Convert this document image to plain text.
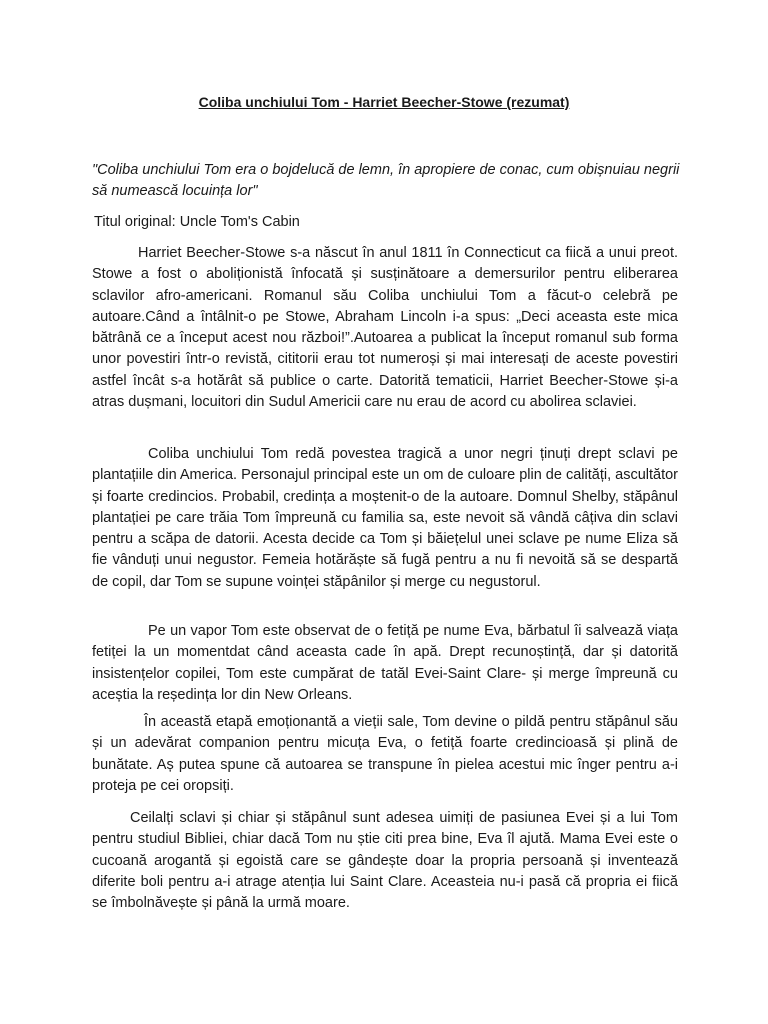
Coliba unchiului Tom - Harriet Beecher-Stowe (rezumat)
"Coliba unchiului Tom era o bojdelucă de lemn, în apropiere de conac, cum obișnuiau negrii să numească locuința lor"
Titul original: Uncle Tom's Cabin

Harriet Beecher-Stowe s-a născut în anul 1811 în Connecticut ca fiică a unui preot. Stowe a fost o aboliționistă înfocată și susținătoare a demersurilor pentru eliberarea sclavilor afro-americani. Romanul său Coliba unchiului Tom a făcut-o celebră pe autoare.Când a întâlnit-o pe Stowe, Abraham Lincoln i-a spus: „Deci aceasta este mica bătrână ce a început acest nou război!”.Autoarea a publicat la început romanul sub forma unor povestiri într-o revistă, cititorii erau tot numeroși și mai interesați de aceste povestiri astfel încât s-a hotărât să publice o carte. Datorită tematicii, Harriet Beecher-Stowe și-a atras dușmani, locuitori din Sudul Americii care nu erau de acord cu abolirea sclaviei.

Coliba unchiului Tom redă povestea tragică a unor negri ținuți drept sclavi pe plantațiile din America. Personajul principal este un om de culoare plin de calități, ascultător și foarte credincios. Probabil, credința a moștenit-o de la autoare. Domnul Shelby, stăpânul plantației pe care trăia Tom împreună cu familia sa, este nevoit să vândă câțiva din sclavi pentru a scăpa de datorii. Acesta decide ca Tom și băiețelul unei sclave pe nume Eliza să fie vânduți unui negustor. Femeia hotărăște să fugă pentru a nu fi nevoită să se despartă de copil, dar Tom se supune voinței stăpânilor și merge cu negustorul.

Pe un vapor Tom este observat de o fetiță pe nume Eva, bărbatul îi salvează viața fetiței la un momentdat când aceasta cade în apă. Drept recunoștință, dar și datorită insistențelor copilei, Tom este cumpărat de tatăl Evei-Saint Clare- și merge împreună cu aceștia la reședința lor din New Orleans.

În această etapă emoționantă a vieții sale, Tom devine o pildă pentru stăpânul său și un adevărat companion pentru micuța Eva, o fetiță foarte credincioasă și plină de bunătate. Aș putea spune că autoarea se transpune în pielea acestui mic înger pentru a-i proteja pe cei oropsiți.

Ceilalți sclavi și chiar și stăpânul sunt adesea uimiți de pasiunea Evei și a lui Tom pentru studiul Bibliei, chiar dacă Tom nu știe citi prea bine, Eva îl ajută. Mama Evei este o cucoană arogantă și egoistă care se gândește doar la propria persoană și inventează diferite boli pentru a-i atrage atenția lui Saint Clare. Aceasteia nu-i pasă că propria ei fiică se îmbolnăvește și până la urmă moare.
